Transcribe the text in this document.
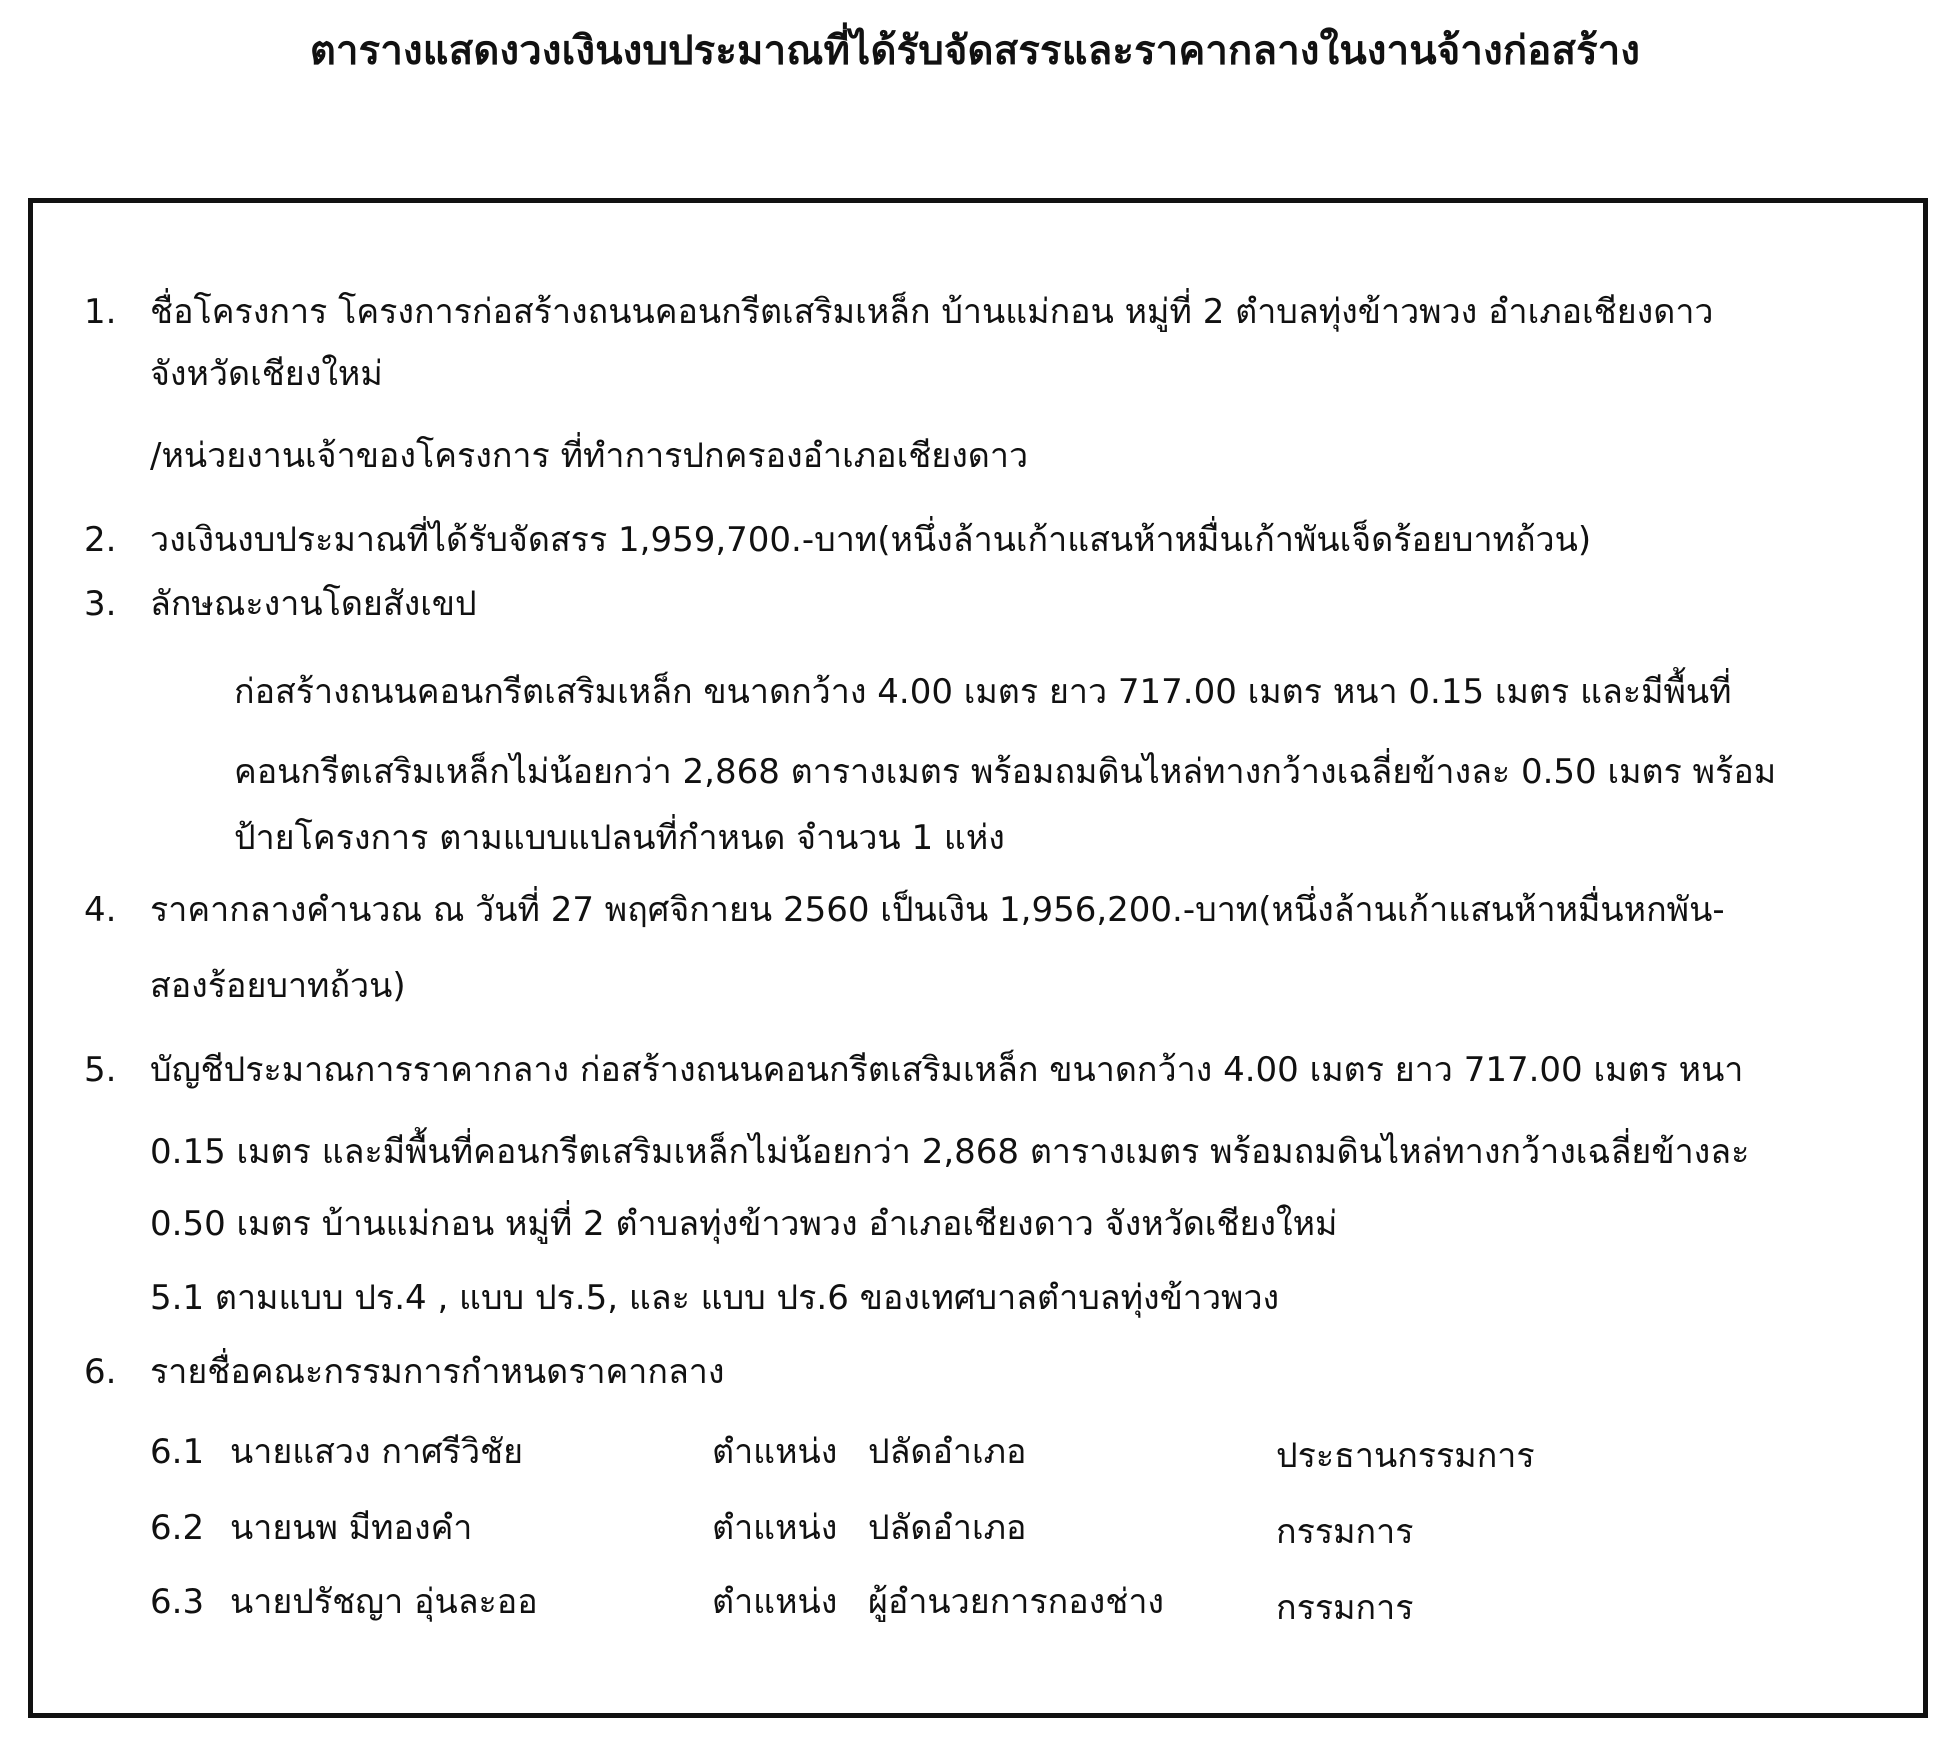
ตารางแสดงวงเงินงบประมาณที่ได้รับจัดสรรและราคากลางในงานจ้างก่อสร้าง
1. ชื่อโครงการ โครงการก่อสร้างถนนคอนกรีตเสริมเหล็ก บ้านแม่กอน หมู่ที่ 2 ตำบลทุ่งข้าวพวง อำเภอเชียงดาว
จังหวัดเชียงใหม่
/หน่วยงานเจ้าของโครงการ ที่ทำการปกครองอำเภอเชียงดาว
2. วงเงินงบประมาณที่ได้รับจัดสรร 1,959,700.-บาท(หนึ่งล้านเก้าแสนห้าหมื่นเก้าพันเจ็ดร้อยบาทถ้วน)
3. ลักษณะงานโดยสังเขป
ก่อสร้างถนนคอนกรีตเสริมเหล็ก ขนาดกว้าง 4.00 เมตร ยาว 717.00 เมตร หนา 0.15 เมตร และมีพื้นที่
คอนกรีตเสริมเหล็กไม่น้อยกว่า 2,868 ตารางเมตร พร้อมถมดินไหล่ทางกว้างเฉลี่ยข้างละ 0.50 เมตร พร้อม
ป้ายโครงการ ตามแบบแปลนที่กำหนด จำนวน 1 แห่ง
4. ราคากลางคำนวณ ณ วันที่ 27 พฤศจิกายน 2560 เป็นเงิน 1,956,200.-บาท(หนึ่งล้านเก้าแสนห้าหมื่นหกพัน-
สองร้อยบาทถ้วน)
5. บัญชีประมาณการราคากลาง ก่อสร้างถนนคอนกรีตเสริมเหล็ก ขนาดกว้าง 4.00 เมตร ยาว 717.00 เมตร หนา
0.15 เมตร และมีพื้นที่คอนกรีตเสริมเหล็กไม่น้อยกว่า 2,868 ตารางเมตร พร้อมถมดินไหล่ทางกว้างเฉลี่ยข้างละ
0.50 เมตร บ้านแม่กอน หมู่ที่ 2 ตำบลทุ่งข้าวพวง อำเภอเชียงดาว จังหวัดเชียงใหม่
5.1 ตามแบบ ปร.4 , แบบ ปร.5, และ แบบ ปร.6 ของเทศบาลตำบลทุ่งข้าวพวง
6. รายชื่อคณะกรรมการกำหนดราคากลาง
6.1 นายแสวง กาศรีวิชัย	ตำแหน่ง ปลัดอำเภอ	ประธานกรรมการ
6.2 นายนพ มีทองคำ	ตำแหน่ง ปลัดอำเภอ	กรรมการ
6.3 นายปรัชญา อุ่นละออ	ตำแหน่ง ผู้อำนวยการกองช่าง	กรรมการ
